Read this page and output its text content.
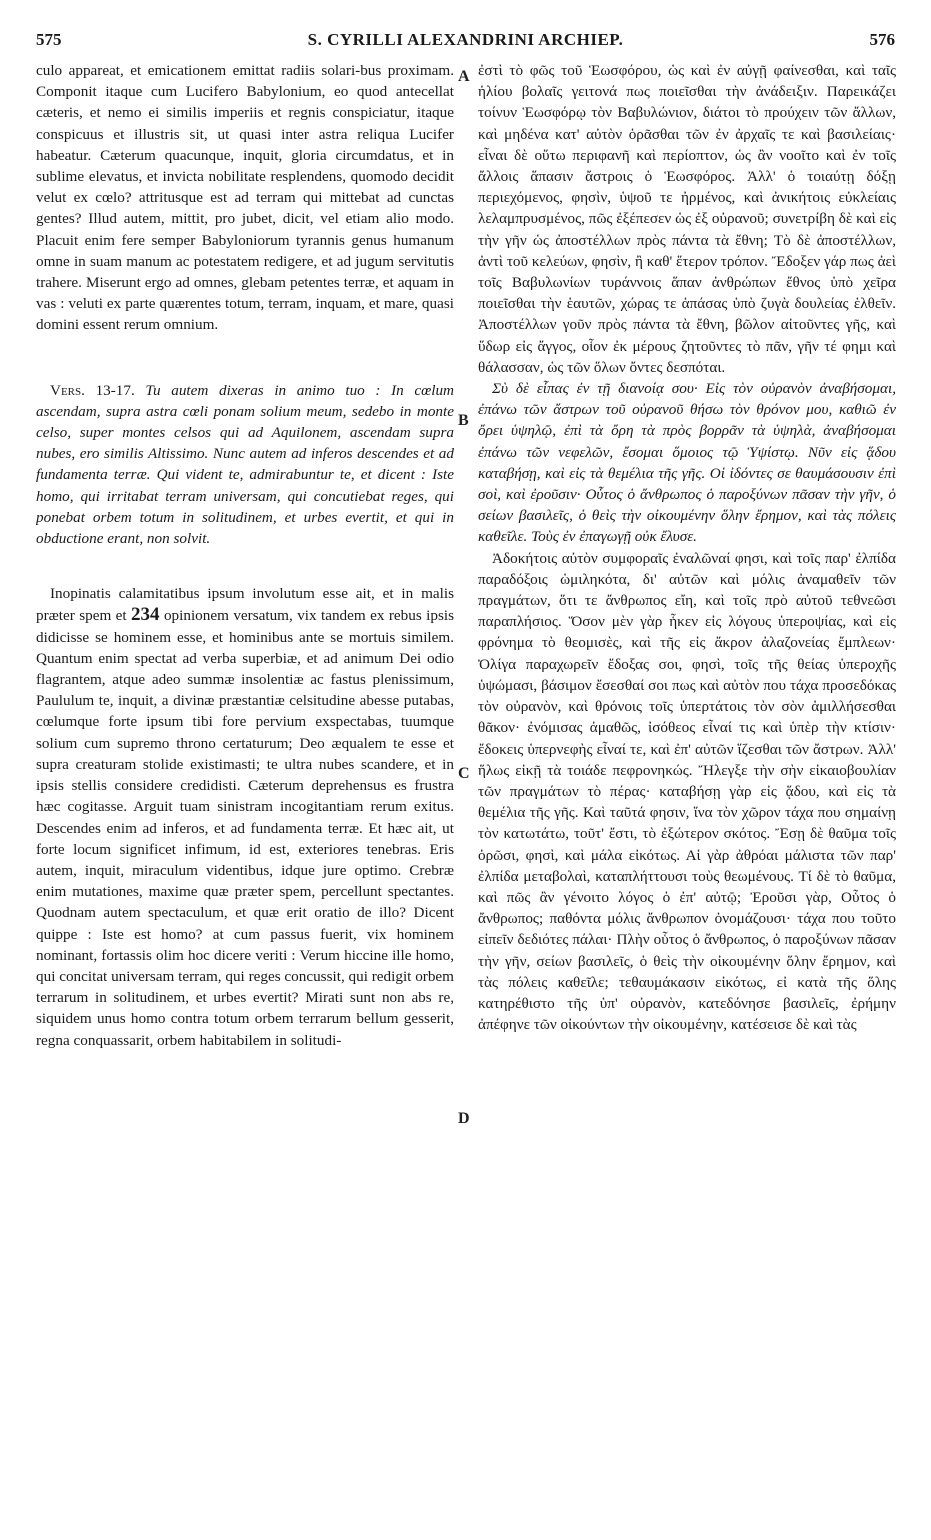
575	S. CYRILLI ALEXANDRINI ARCHIEP.	576

culo appareat, et emicationem emittat radiis solari-bus proximam. Componit itaque cum Lucifero Babylonium, eo quod antecellat cæteris, et nemo ei similis imperiis et regnis conspiciatur, itaque conspicuus et illustris sit, ut quasi inter astra reliqua Lucifer habeatur. Cæterum quacunque, inquit, gloria circumdatus, et in sublime elevatus, et invicta nobilitate resplendens, quomodo decidit velut ex cœlo? attritusque est ad terram qui mittebat ad cunctas gentes? Illud autem, mittit, pro jubet, dicit, vel etiam alio modo. Placuit enim fere semper Babyloniorum tyrannis genus humanum omne in suam manum ac potestatem redigere, et ad jugum servitutis trahere. Miserunt ergo ad omnes, glebam petentes terræ, et aquam in vas : veluti ex parte quærentes totum, terram, inquam, et mare, quasi domini essent rerum omnium.

Vers. 13-17. Tu autem dixeras in animo tuo : In cœlum ascendam, supra astra cœli ponam solium meum, sedebo in monte celso, super montes celsos qui ad Aquilonem, ascendam supra nubes, ero similis Altissimo. Nunc autem ad inferos descendes et ad fundamenta terræ. Qui vident te, admirabuntur te, et dicent : Iste homo, qui irritabat terram universam, qui concutiebat reges, qui ponebat orbem totum in solitudinem, et urbes evertit, et qui in obductione erant, non solvit.

Inopinatis calamitatibus ipsum involutum esse ait, et in malis præter spem et 234 opinionem versatum, vix tandem ex rebus ipsis didicisse se hominem esse, et hominibus ante se mortuis similem. Quantum enim spectat ad verba superbiæ, et ad animum Dei odio flagrantem, atque adeo summæ insolentiæ ac fastus plenissimum, Paululum te, inquit, a divinæ præstantiæ celsitudine abesse putabas, cœlumque forte ipsum tibi fore pervium exspectabas, tuumque solium cum supremo throno certaturum; Deo æqualem te esse et supra creaturam stolide existimasti; te ultra nubes scandere, et in ipsis stellis considere credidisti. Cæterum deprehensus es frustra hæc cogitasse. Arguit tuam sinistram incogitantiam rerum exitus. Descendes enim ad inferos, et ad fundamenta terræ. Et hæc ait, ut forte locum significet infimum, id est, exteriores tenebras. Eris autem, inquit, miraculum videntibus, idque jure optimo. Crebræ enim mutationes, maxime quæ præter spem, percellunt spectantes. Quodnam autem spectaculum, et quæ erit oratio de illo? Dicent quippe : Iste est homo? at cum passus fuerit, vix hominem nominant, fortassis olim hoc dicere veriti : Verum hiccine ille homo, qui concitat universam terram, qui reges concussit, qui redigit orbem terrarum in solitudinem, et urbes evertit? Mirati sunt non abs re, siquidem unus homo contra totum orbem terrarum bellum gesserit, regna conquassarit, orbem habitabilem in solitudi-

A
B
C
D

ἐστὶ τὸ φῶς τοῦ Ἑωσφόρου, ὡς καὶ ἐν αὐγῇ φαίνεσθαι, καὶ ταῖς ἡλίου βολαῖς γειτονά πως ποιεῖσθαι τὴν ἀνάδειξιν. Παρεικάζει τοίνυν Ἑωσφόρῳ τὸν Βαβυλώνιον, διάτοι τὸ προύχειν τῶν ἄλλων, καὶ μηδένα κατ' αὐτὸν ὁρᾶσθαι τῶν ἐν ἀρχαῖς τε καὶ βασιλείαις· εἶναι δὲ οὕτω περιφανῆ καὶ περίοπτον, ὡς ἂν νοοῖτο καὶ ἐν τοῖς ἄλλοις ἅπασιν ἄστροις ὁ Ἑωσφόρος. Ἀλλ' ὁ τοιαύτῃ δόξῃ περιεχόμενος, φησὶν, ὑψοῦ τε ἠρμένος, καὶ ἀνικήτοις εὐκλείαις λελαμπρυσμένος, πῶς ἐξέπεσεν ὡς ἐξ οὐρανοῦ; συνετρίβη δὲ καὶ εἰς τὴν γῆν ὡς ἀποστέλλων πρὸς πάντα τὰ ἔθνη; Τὸ δὲ ἀποστέλλων, ἀντὶ τοῦ κελεύων, φησὶν, ἢ καθ' ἕτερον τρόπον. Ἔδοξεν γάρ πως ἀεὶ τοῖς Βαβυλωνίων τυράννοις ἅπαν ἀνθρώπων ἔθνος ὑπὸ χεῖρα ποιεῖσθαι τὴν ἑαυτῶν, χώρας τε ἁπάσας ὑπὸ ζυγὰ δουλείας ἑλθεῖν. Ἀποστέλλων γοῦν πρὸς πάντα τὰ ἔθνη, βῶλον αἰτοῦντες γῆς, καὶ ὕδωρ εἰς ἄγγος, οἷον ἐκ μέρους ζητοῦντες τὸ πᾶν, γῆν τέ φημι καὶ θάλασσαν, ὡς τῶν ὅλων ὄντες δεσπόται.

Σὺ δὲ εἶπας ἐν τῇ διανοίᾳ σου· Εἰς τὸν οὐρανὸν ἀναβήσομαι, ἐπάνω τῶν ἄστρων τοῦ οὐρανοῦ θήσω τὸν θρόνον μου, καθιῶ ἐν ὄρει ὑψηλῷ, ἐπὶ τὰ ὄρη τὰ πρὸς βορρᾶν τὰ ὑψηλὰ, ἀναβήσομαι ἐπάνω τῶν νεφελῶν, ἔσομαι ὅμοιος τῷ Ὑψίστῳ. Νῦν εἰς ᾅδου καταβήσῃ, καὶ εἰς τὰ θεμέλια τῆς γῆς. Οἱ ἰδόντες σε θαυμάσουσιν ἐπὶ σοὶ, καὶ ἐροῦσιν· Οὗτος ὁ ἄνθρωπος ὁ παροξύνων πᾶσαν τὴν γῆν, ὁ σείων βασιλεῖς, ὁ θεὶς τὴν οἰκουμένην ὅλην ἔρημον, καὶ τὰς πόλεις καθεῖλε. Τοὺς ἐν ἐπαγωγῇ οὐκ ἔλυσε.

Ἀδοκήτοις αὐτὸν συμφοραῖς ἐναλῶναί φησι, καὶ τοῖς παρ' ἐλπίδα παραδόξοις ὡμιληκότα, δι' αὐτῶν καὶ μόλις ἀναμαθεῖν τῶν πραγμάτων, ὅτι τε ἄνθρωπος εἴη, καὶ τοῖς πρὸ αὐτοῦ τεθνεῶσι παραπλήσιος. Ὅσον μὲν γὰρ ἧκεν εἰς λόγους ὑπεροψίας, καὶ εἰς φρόνημα τὸ θεομισὲς, καὶ τῆς εἰς ἄκρον ἀλαζονείας ἔμπλεων· Ὀλίγα παραχωρεῖν ἔδοξας σοι, φησὶ, τοῖς τῆς θείας ὑπεροχῆς ὑψώμασι, βάσιμον ἔσεσθαί σοι πως καὶ αὐτὸν που τάχα προσεδόκας τὸν οὐρανὸν, καὶ θρόνοις τοῖς ὑπερτάτοις τὸν σὸν ἁμιλλήσεσθαι θᾶκον· ἐνόμισας ἀμαθῶς, ἰσόθεος εἶναί τις καὶ ὑπὲρ τὴν κτίσιν· ἔδοκεις ὑπερνεφὴς εἶναί τε, καὶ ἐπ' αὐτῶν ἵζεσθαι τῶν ἄστρων. Ἀλλ' ἥλως εἰκῇ τὰ τοιάδε πεφρονηκώς. Ἤλεγξε τὴν σὴν εἰκαιοβουλίαν τῶν πραγμάτων τὸ πέρας· καταβήσῃ γὰρ εἰς ᾅδου, καὶ εἰς τὰ θεμέλια τῆς γῆς. Καὶ ταῦτά φησιν, ἵνα τὸν χῶρον τάχα που σημαίνῃ τὸν κατωτάτω, τοῦτ' ἔστι, τὸ ἐξώτερον σκότος. Ἔσῃ δὲ θαῦμα τοῖς ὁρῶσι, φησὶ, καὶ μάλα εἰκότως. Αἱ γὰρ ἀθρόαι μάλιστα τῶν παρ' ἐλπίδα μεταβολαὶ, καταπλήττουσι τοὺς θεωμένους. Τί δὲ τὸ θαῦμα, καὶ πῶς ἂν γένοιτο λόγος ὁ ἐπ' αὐτῷ; Ἐροῦσι γὰρ, Οὗτος ὁ ἄνθρωπος; παθόντα μόλις ἄνθρωπον ὀνομάζουσι· τάχα που τοῦτο εἰπεῖν δεδιότες πάλαι· Πλὴν οὗτος ὁ ἄνθρωπος, ὁ παροξύνων πᾶσαν τὴν γῆν, σείων βασιλεῖς, ὁ θεὶς τὴν οἰκουμένην ὅλην ἔρημον, καὶ τὰς πόλεις καθεῖλε; τεθαυμάκασιν εἰκότως, εἰ κατὰ τῆς ὅλης κατηρέθιστο τῆς ὑπ' οὐρανὸν, κατεδόνησε βασιλεῖς, ἐρήμην ἀπέφηνε τῶν οἰκούντων τὴν οἰκουμένην, κατέσεισε δὲ καὶ τὰς
